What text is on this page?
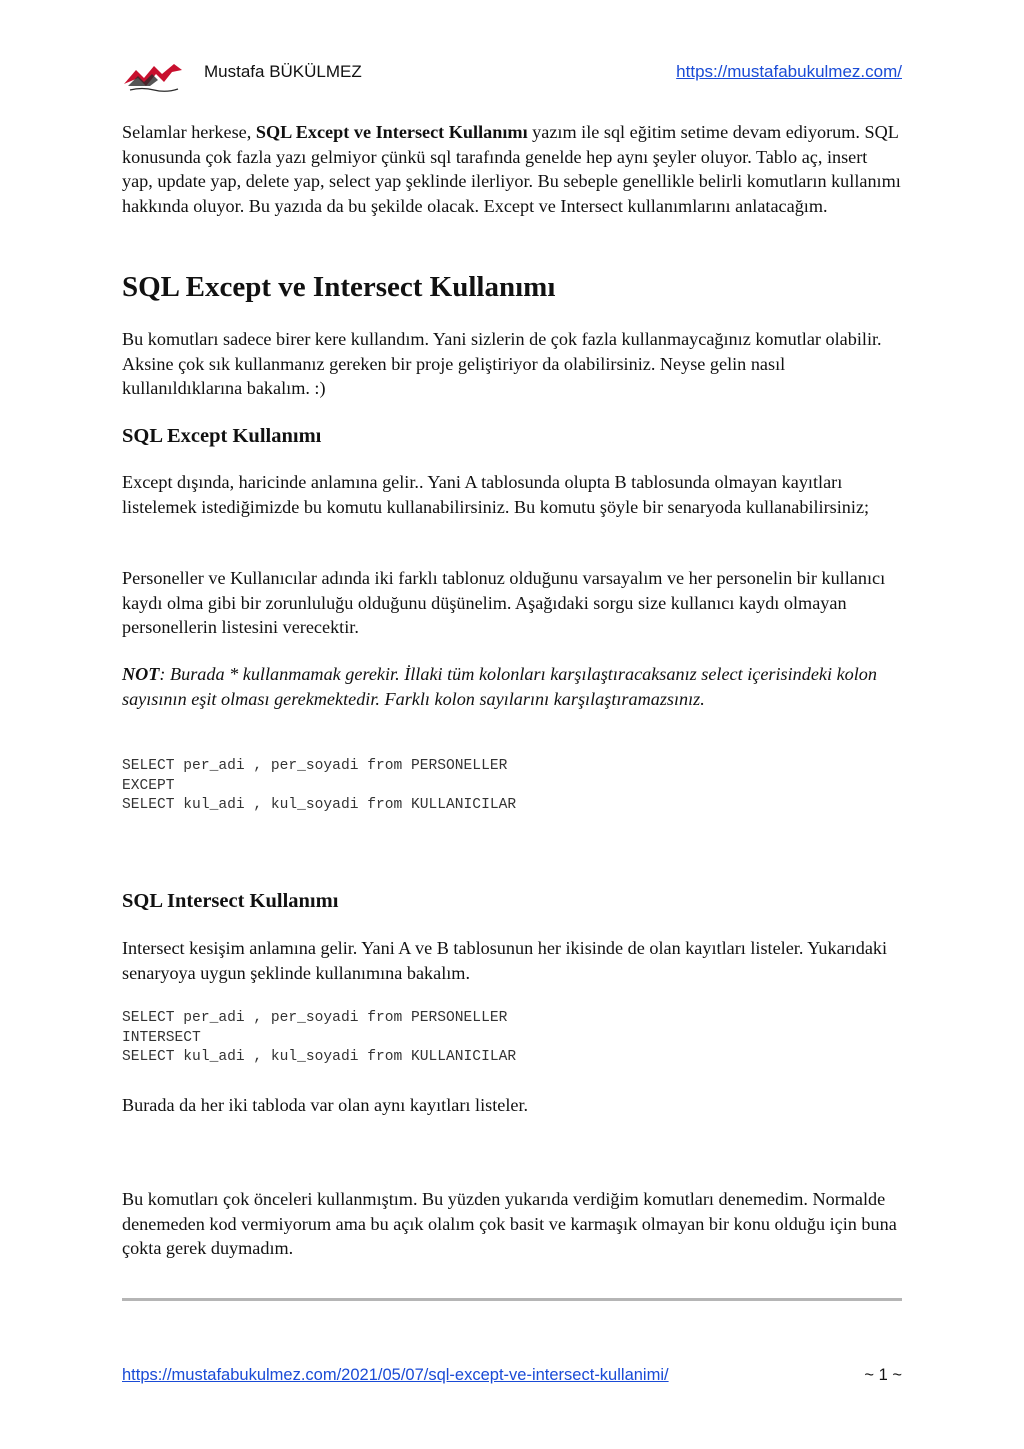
Mustafa BÜKÜLMEZ	https://mustafabukulmez.com/

Selamlar herkese, SQL Except ve Intersect Kullanımı yazım ile sql eğitim setime devam ediyorum. SQL konusunda çok fazla yazı gelmiyor çünkü sql tarafında genelde hep aynı şeyler oluyor. Tablo aç, insert yap, update yap, delete yap, select yap şeklinde ilerliyor. Bu sebeple genellikle belirli komutların kullanımı hakkında oluyor. Bu yazıda da bu şekilde olacak. Except ve Intersect kullanımlarını anlatacağım.

SQL Except ve Intersect Kullanımı

Bu komutları sadece birer kere kullandım. Yani sizlerin de çok fazla kullanmaycağınız komutlar olabilir. Aksine çok sık kullanmanız gereken bir proje geliştiriyor da olabilirsiniz. Neyse gelin nasıl kullanıldıklarına bakalım. :)

SQL Except Kullanımı

Except dışında, haricinde anlamına gelir.. Yani A tablosunda olupta B tablosunda olmayan kayıtları listelemek istediğimizde bu komutu kullanabilirsiniz. Bu komutu şöyle bir senaryoda kullanabilirsiniz;

Personeller ve Kullanıcılar adında iki farklı tablonuz olduğunu varsayalım ve her personelin bir kullanıcı kaydı olma gibi bir zorunluluğu olduğunu düşünelim. Aşağıdaki sorgu size kullanıcı kaydı olmayan personellerin listesini verecektir.

NOT: Burada * kullanmamak gerekir. İllaki tüm kolonları karşılaştıracaksanız select içerisindeki kolon sayısının eşit olması gerekmektedir. Farklı kolon sayılarını karşılaştıramazsınız.

SELECT per_adi , per_soyadi from PERSONELLER
EXCEPT
SELECT kul_adi , kul_soyadi from KULLANICILAR
SQL Intersect Kullanımı

Intersect kesişim anlamına gelir. Yani A ve B tablosunun her ikisinde de olan kayıtları listeler. Yukarıdaki senaryoya uygun şeklinde kullanımına bakalım.

SELECT per_adi , per_soyadi from PERSONELLER
INTERSECT
SELECT kul_adi , kul_soyadi from KULLANICILAR

Burada da her iki tabloda var olan aynı kayıtları listeler.

Bu komutları çok önceleri kullanmıştım. Bu yüzden yukarıda verdiğim komutları denemedim. Normalde denemeden kod vermiyorum ama bu açık olalım çok basit ve karmaşık olmayan bir konu olduğu için buna çokta gerek duymadım.

https://mustafabukulmez.com/2021/05/07/sql-except-ve-intersect-kullanimi/	~ 1 ~
